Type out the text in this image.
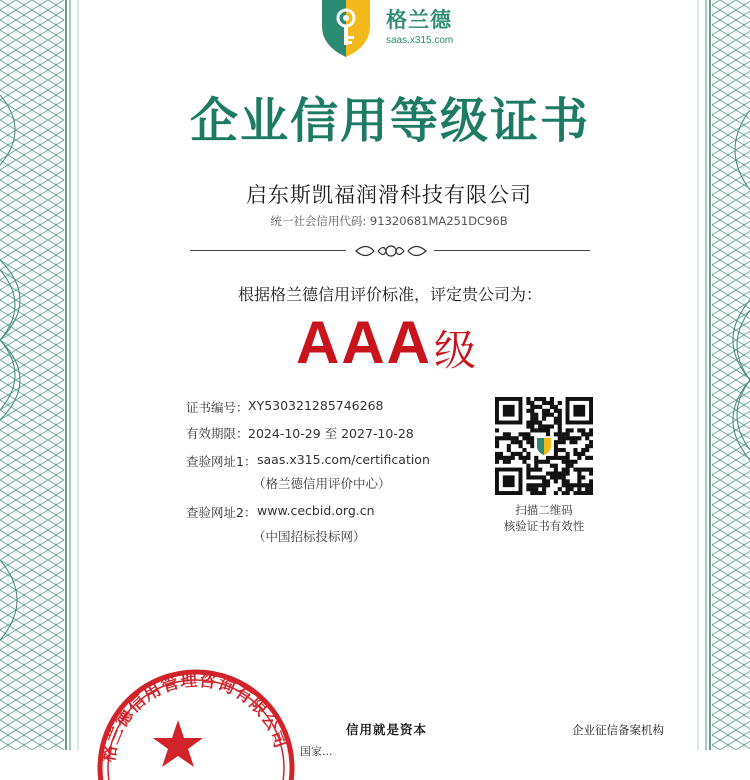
格兰德
saas.x315.com
企业信用等级证书
启东斯凯福润滑科技有限公司
统一社会信用代码: 91320681MA251DC96B
根据格兰德信用评价标准，评定贵公司为：
AAA 级
证书编号： XY530321285746268
有效期限： 2024-10-29 至 2027-10-28
查验网址1： saas.x315.com/certification
（格兰德信用评价中心）
查验网址2： www.cecbid.org.cn
（中国招标投标网）
扫描二维码
核验证书有效性
格兰德信用管理咨询有限公司	信用就是资本	企业征信备案机构
国家...
